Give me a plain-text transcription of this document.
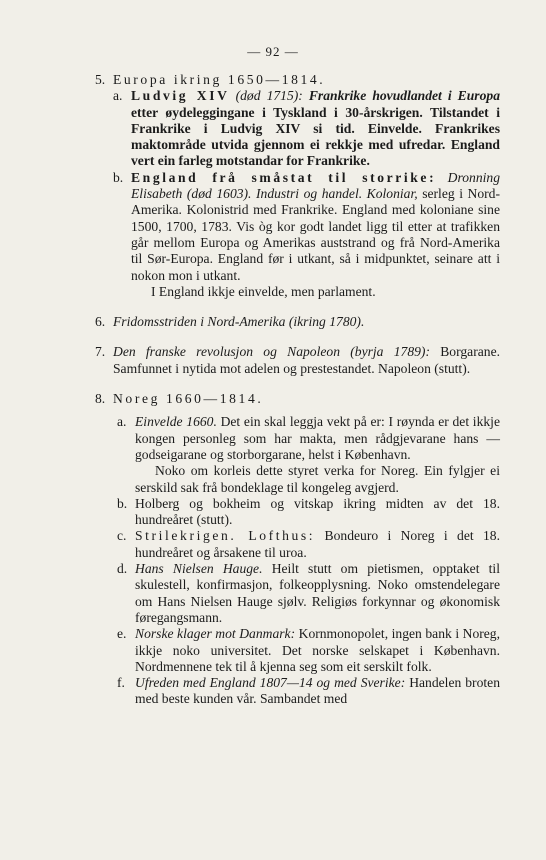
— 92 —
5. Europa ikring 1650—1814.

a. Ludvig XIV (død 1715): Frankrike hovudlandet i Europa etter øydeleggingane i Tyskland i 30-årskrigen. Tilstandet i Frankrike i Ludvig XIV si tid. Einvelde. Frankrikes maktområde utvida gjennom ei rekkje med ufredar. England vert ein farleg motstandar for Frankrike.

b. England frå småstat til storrike: Dronning Elisabeth (død 1603). Industri og handel. Koloniar, serleg i Nord-Amerika. Kolonistrid med Frankrike. England med koloniane sine 1500, 1700, 1783. Vis òg kor godt landet ligg til etter at trafikken går mellom Europa og Amerikas auststrand og frå Nord-Amerika til Sør-Europa. England før i utkant, så i midpunktet, seinare att i nokon mon i utkant.

I England ikkje einvelde, men parlament.

6. Fridomsstriden i Nord-Amerika (ikring 1780).

7. Den franske revolusjon og Napoleon (byrja 1789): Borgarane. Samfunnet i nytida mot adelen og prestestandet. Napoleon (stutt).

8. Noreg 1660—1814.

a. Einvelde 1660. Det ein skal leggja vekt på er: I røynda er det ikkje kongen personleg som har makta, men rådgjevarane hans — godseigarane og storborgarane, helst i København.

Noko om korleis dette styret verka for Noreg. Ein fylgjer ei serskild sak frå bondeklage til kongeleg avgjerd.

b. Holberg og bokheim og vitskap ikring midten av det 18. hundreåret (stutt).

c. Strilekrigen. Lofthus: Bondeuro i Noreg i det 18. hundreåret og årsakene til uroa.

d. Hans Nielsen Hauge. Heilt stutt om pietismen, opptaket til skulestell, konfirmasjon, folkeopplysning. Noko omstendelegare om Hans Nielsen Hauge sjølv. Religiøs forkynnar og økonomisk føregangsmann.

e. Norske klager mot Danmark: Kornmonopolet, ingen bank i Noreg, ikkje noko universitet. Det norske selskapet i København. Nordmennene tek til å kjenna seg som eit serskilt folk.

f. Ufreden med England 1807—14 og med Sverike: Handelen broten med beste kunden vår. Sambandet med
